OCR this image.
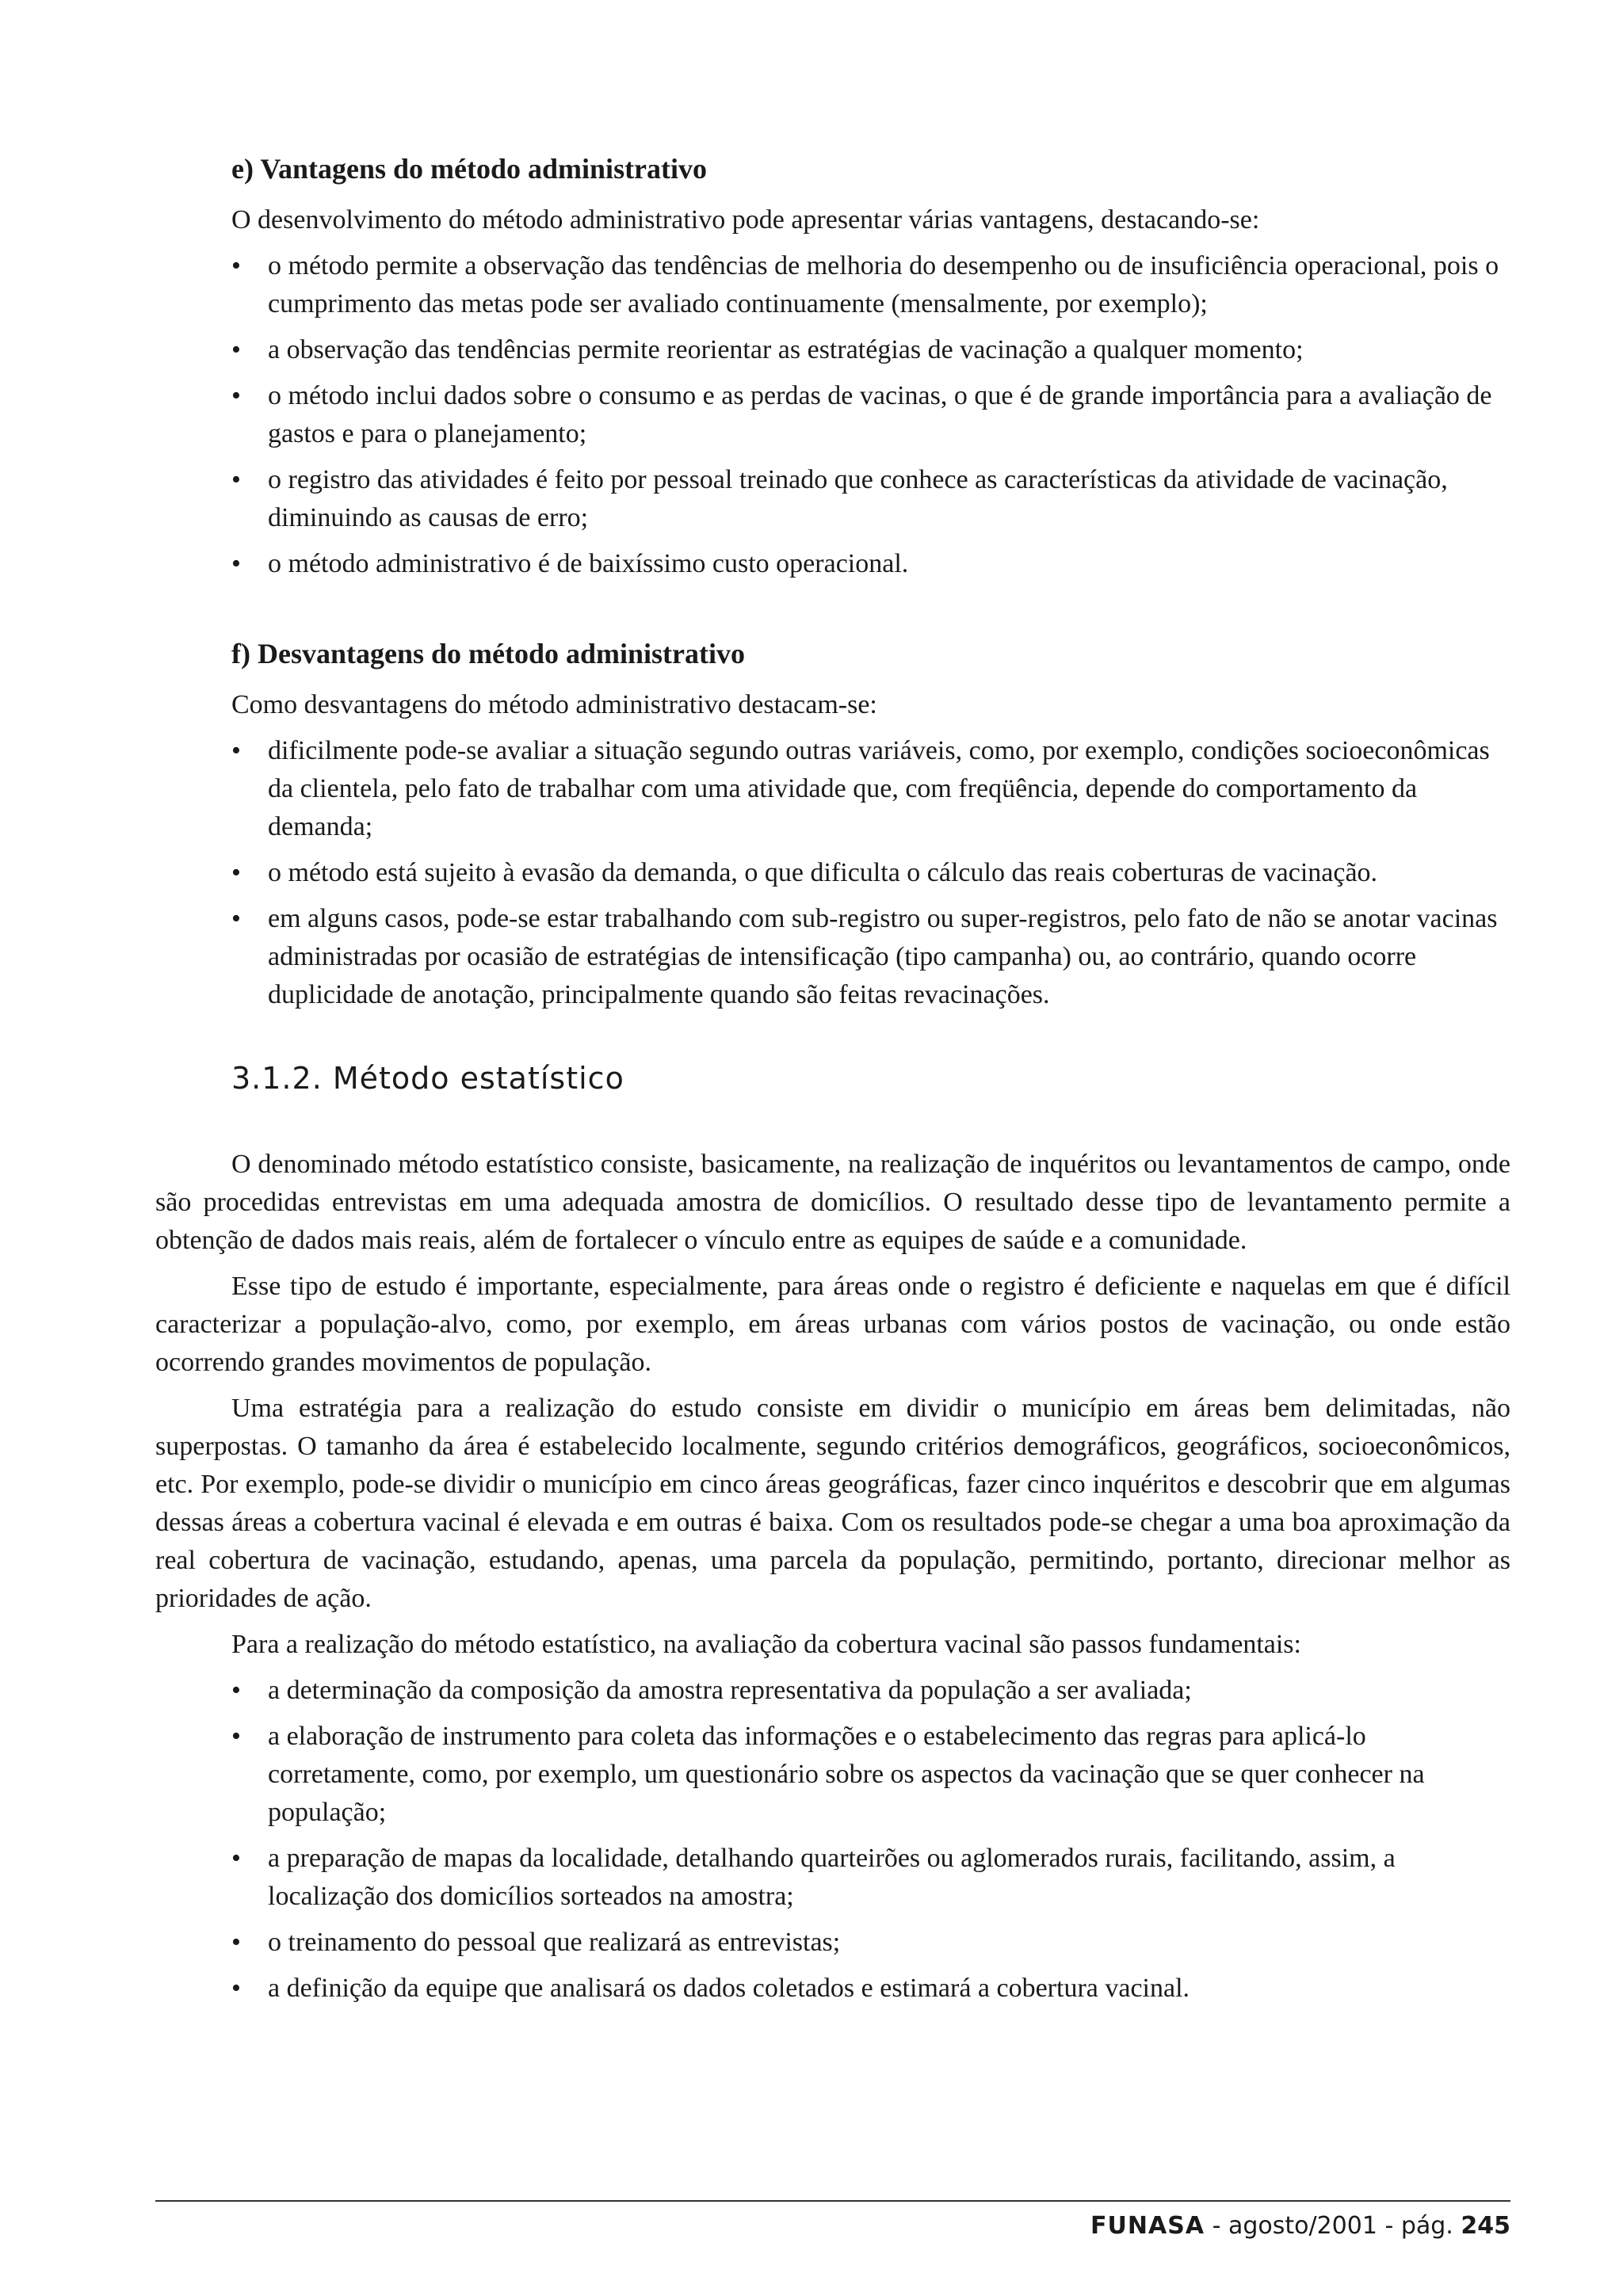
e) Vantagens do método administrativo
O desenvolvimento do método administrativo pode apresentar várias vantagens, destacando-se:
•	o método permite a observação das tendências de melhoria do desempenho ou de insuficiência operacional, pois o cumprimento das metas pode ser avaliado continuamente (mensalmente, por exemplo);
•	a observação das tendências permite reorientar as estratégias de vacinação a qualquer momento;
•	o método inclui dados sobre o consumo e as perdas de vacinas, o que é de grande importância para a avaliação de gastos e para o planejamento;
•	o registro das atividades é feito por pessoal treinado que conhece as características da atividade de vacinação, diminuindo as causas de erro;
•	o método administrativo é de baixíssimo custo operacional.
f) Desvantagens do método administrativo
Como desvantagens do método administrativo destacam-se:
•	dificilmente pode-se avaliar a situação segundo outras variáveis, como, por exemplo, condições socioeconômicas da clientela, pelo fato de trabalhar com uma atividade que, com freqüência, depende do comportamento da demanda;
•	o método está sujeito à evasão da demanda, o que dificulta o cálculo das reais coberturas de vacinação.
•	em alguns casos, pode-se estar trabalhando com sub-registro ou super-registros, pelo fato de não se anotar vacinas administradas por ocasião de estratégias de intensificação (tipo campanha) ou, ao contrário, quando ocorre duplicidade de anotação, principalmente quando são feitas revacinações.
3.1.2. Método estatístico

O denominado método estatístico consiste, basicamente, na realização de inquéritos ou levantamentos de campo, onde são procedidas entrevistas em uma adequada amostra de domicílios. O resultado desse tipo de levantamento permite a obtenção de dados mais reais, além de fortalecer o vínculo entre as equipes de saúde e a comunidade.

Esse tipo de estudo é importante, especialmente, para áreas onde o registro é deficiente e naquelas em que é difícil caracterizar a população-alvo, como, por exemplo, em áreas urbanas com vários postos de vacinação, ou onde estão ocorrendo grandes movimentos de população.

Uma estratégia para a realização do estudo consiste em dividir o município em áreas bem delimitadas, não superpostas. O tamanho da área é estabelecido localmente, segundo critérios demográficos, geográficos, socioeconômicos, etc. Por exemplo, pode-se dividir o município em cinco áreas geográficas, fazer cinco inquéritos e descobrir que em algumas dessas áreas a cobertura vacinal é elevada e em outras é baixa. Com os resultados pode-se chegar a uma boa aproximação da real cobertura de vacinação, estudando, apenas, uma parcela da população, permitindo, portanto, direcionar melhor as prioridades de ação.

Para a realização do método estatístico, na avaliação da cobertura vacinal são passos fundamentais:

•	a determinação da composição da amostra representativa da população a ser avaliada;
•	a elaboração de instrumento para coleta das informações e o estabelecimento das regras para aplicá-lo corretamente, como, por exemplo, um questionário sobre os aspectos da vacinação que se quer conhecer na população;
•	a preparação de mapas da localidade, detalhando quarteirões ou aglomerados rurais, facilitando, assim, a localização dos domicílios sorteados na amostra;
•	o treinamento do pessoal que realizará as entrevistas;
•	a definição da equipe que analisará os dados coletados e estimará a cobertura vacinal.
FUNASA - agosto/2001 - pág. 245
